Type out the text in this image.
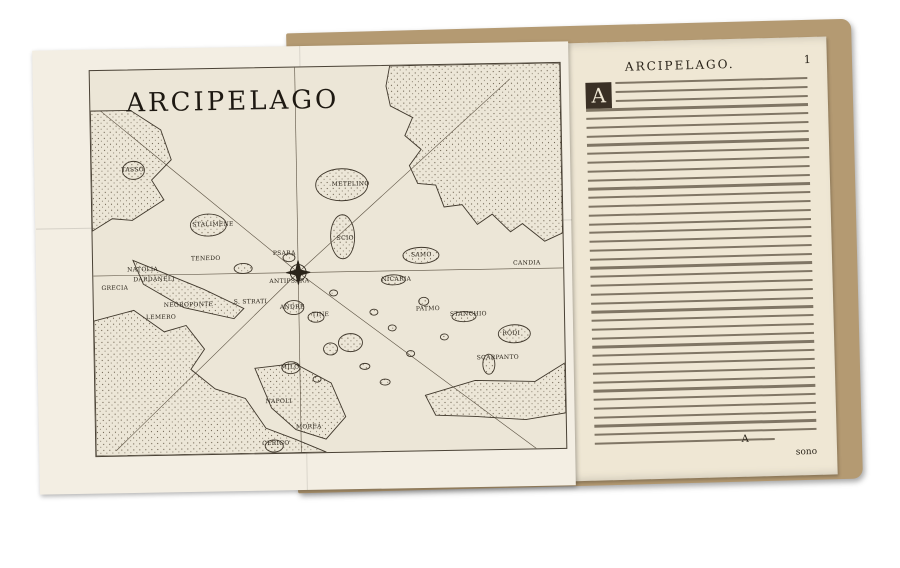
ARCIPELAGO.	1
A
A
sono
ARCIPELAGO
GRECIA
NATOLIA
DARDANELI
LEMERO
TENEDO
TASSO
STALIMENE
S. STRATI
PSARA
ANTIPSARA
METELINO
SCIO
SAMO
NICARIA
PATMO
STANCHIO
RODI
SCARPANTO
ANDRE
TINE
MILO
NEGROPONTE
CANDIA
NAPOLI
MOREA
CERIGO
